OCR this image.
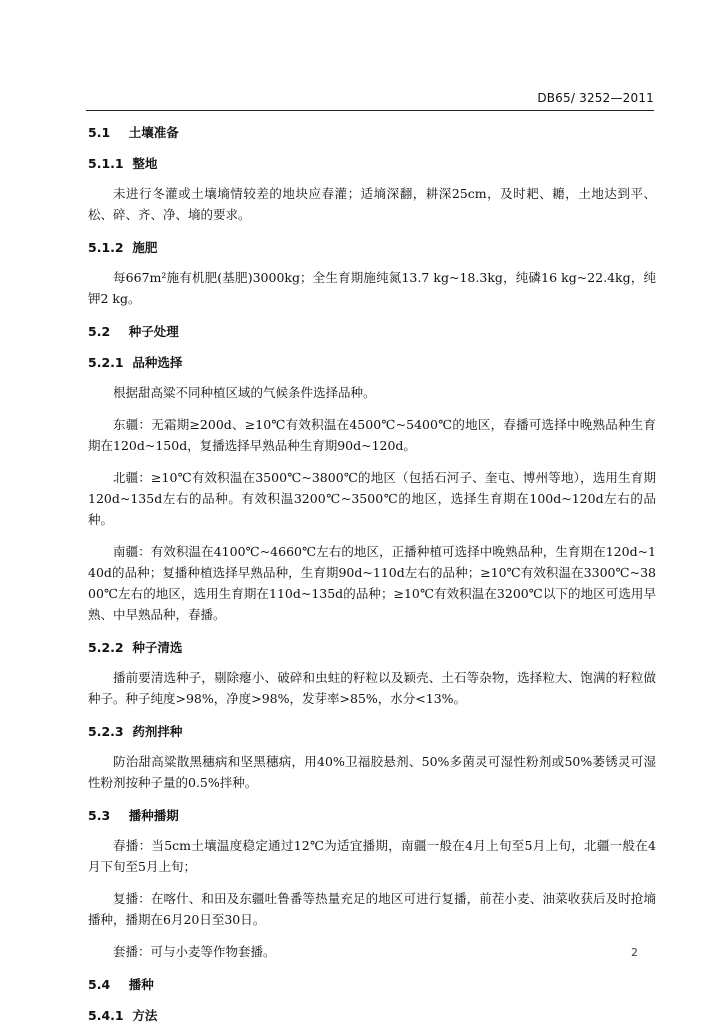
DB65/ 3252—2011

5.1 土壤准备

5.1.1 整地

未进行冬灌或土壤墒情较差的地块应春灌；适墒深翻，耕深25cm，及时耙、耱，土地达到平、松、碎、齐、净、墒的要求。

5.1.2 施肥

每667m²施有机肥(基肥)3000kg；全生育期施纯氮13.7 kg~18.3kg，纯磷16 kg~22.4kg，纯钾2 kg。

5.2 种子处理

5.2.1 品种选择

根据甜高粱不同种植区域的气候条件选择品种。

东疆：无霜期≥200d、≥10℃有效积温在4500℃~5400℃的地区，春播可选择中晚熟品种生育期在120d~150d，复播选择早熟品种生育期90d~120d。

北疆：≥10℃有效积温在3500℃~3800℃的地区（包括石河子、奎屯、博州等地），选用生育期120d~135d左右的品种。有效积温3200℃~3500℃的地区，选择生育期在100d~120d左右的品种。

南疆：有效积温在4100℃~4660℃左右的地区，正播种植可选择中晚熟品种，生育期在120d~140d的品种；复播种植选择早熟品种，生育期90d~110d左右的品种；≥10℃有效积温在3300℃~3800℃左右的地区，选用生育期在110d~135d的品种；≥10℃有效积温在3200℃以下的地区可选用早熟、中早熟品种，春播。

5.2.2 种子清选

播前要清选种子，剔除瘪小、破碎和虫蛀的籽粒以及颖壳、土石等杂物，选择粒大、饱满的籽粒做种子。种子纯度>98%，净度>98%，发芽率>85%，水分<13%。

5.2.3 药剂拌种

防治甜高粱散黑穗病和坚黑穗病，用40%卫福胶悬剂、50%多菌灵可湿性粉剂或50%萎锈灵可湿性粉剂按种子量的0.5%拌种。

5.3 播种播期

春播：当5cm土壤温度稳定通过12℃为适宜播期，南疆一般在4月上旬至5月上旬，北疆一般在4月下旬至5月上旬；

复播：在喀什、和田及东疆吐鲁番等热量充足的地区可进行复播，前茬小麦、油菜收获后及时抢墒播种，播期在6月20日至30日。

套播：可与小麦等作物套播。

5.4 播种

5.4.1 方法

2
